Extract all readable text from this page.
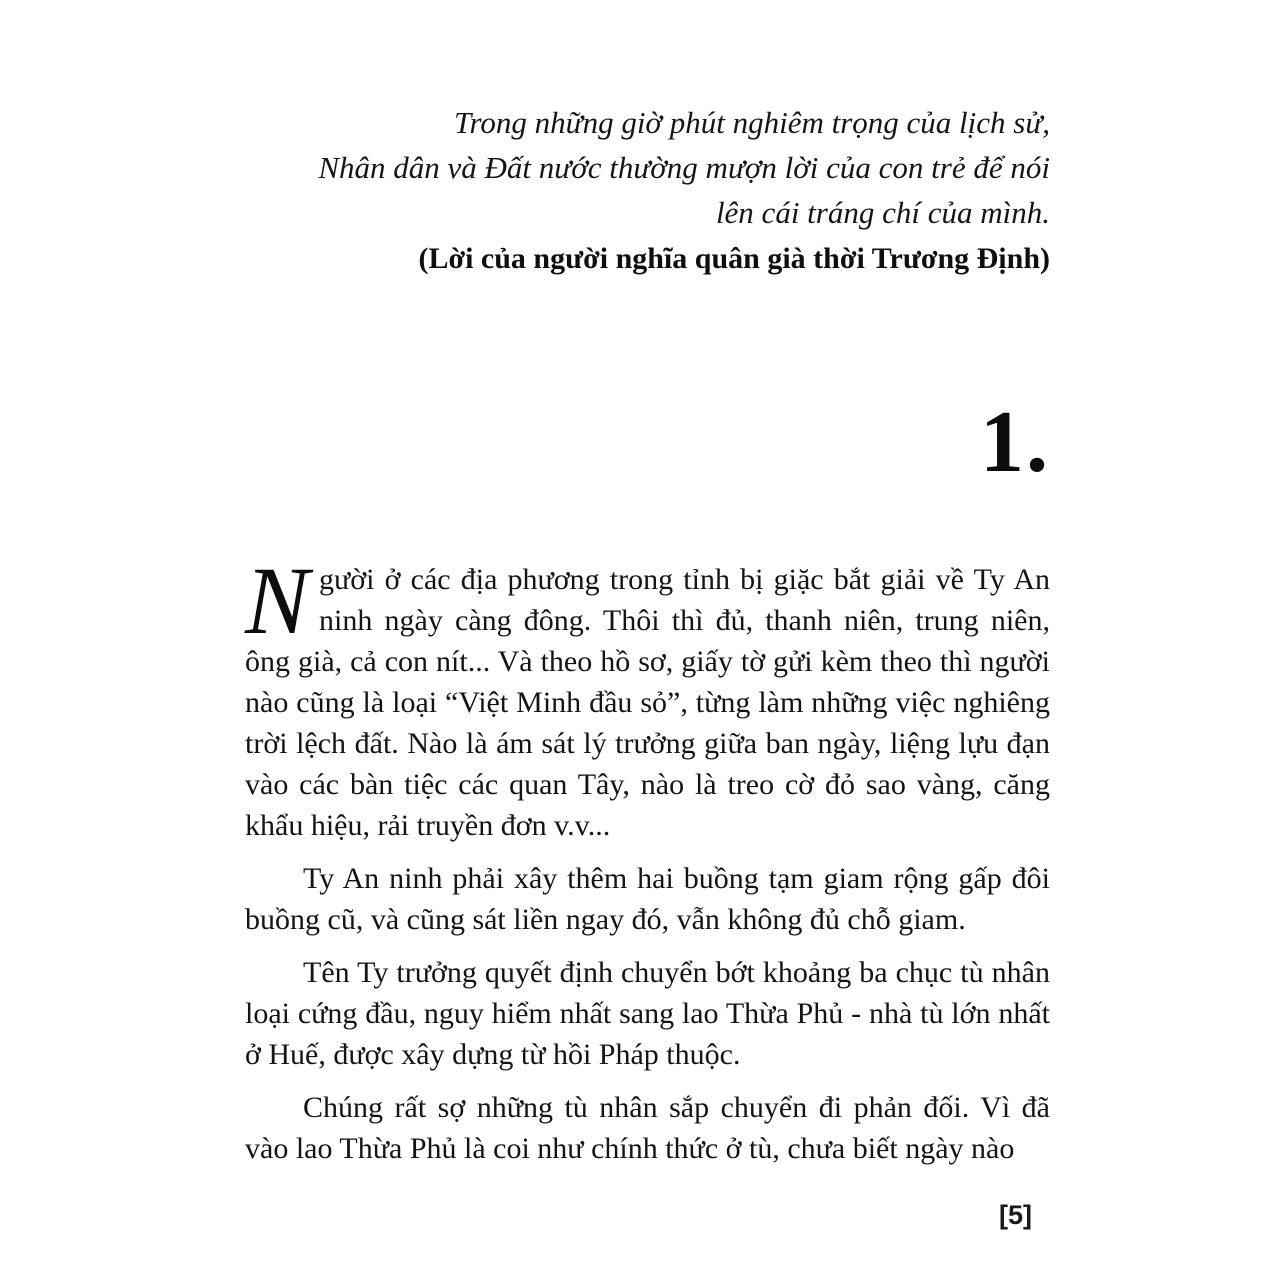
Trong những giờ phút nghiêm trọng của lịch sử,
Nhân dân và Đất nước thường mượn lời của con trẻ để nói
lên cái tráng chí của mình.
(Lời của người nghĩa quân già thời Trương Định)
1.

Người ở các địa phương trong tỉnh bị giặc bắt giải về Ty An ninh ngày càng đông. Thôi thì đủ, thanh niên, trung niên, ông già, cả con nít... Và theo hồ sơ, giấy tờ gửi kèm theo thì người nào cũng là loại “Việt Minh đầu sỏ”, từng làm những việc nghiêng trời lệch đất. Nào là ám sát lý trưởng giữa ban ngày, liệng lựu đạn vào các bàn tiệc các quan Tây, nào là treo cờ đỏ sao vàng, căng khẩu hiệu, rải truyền đơn v.v...

Ty An ninh phải xây thêm hai buồng tạm giam rộng gấp đôi buồng cũ, và cũng sát liền ngay đó, vẫn không đủ chỗ giam.

Tên Ty trưởng quyết định chuyển bớt khoảng ba chục tù nhân loại cứng đầu, nguy hiểm nhất sang lao Thừa Phủ - nhà tù lớn nhất ở Huế, được xây dựng từ hồi Pháp thuộc.

Chúng rất sợ những tù nhân sắp chuyển đi phản đối. Vì đã vào lao Thừa Phủ là coi như chính thức ở tù, chưa biết ngày nào

[5]
